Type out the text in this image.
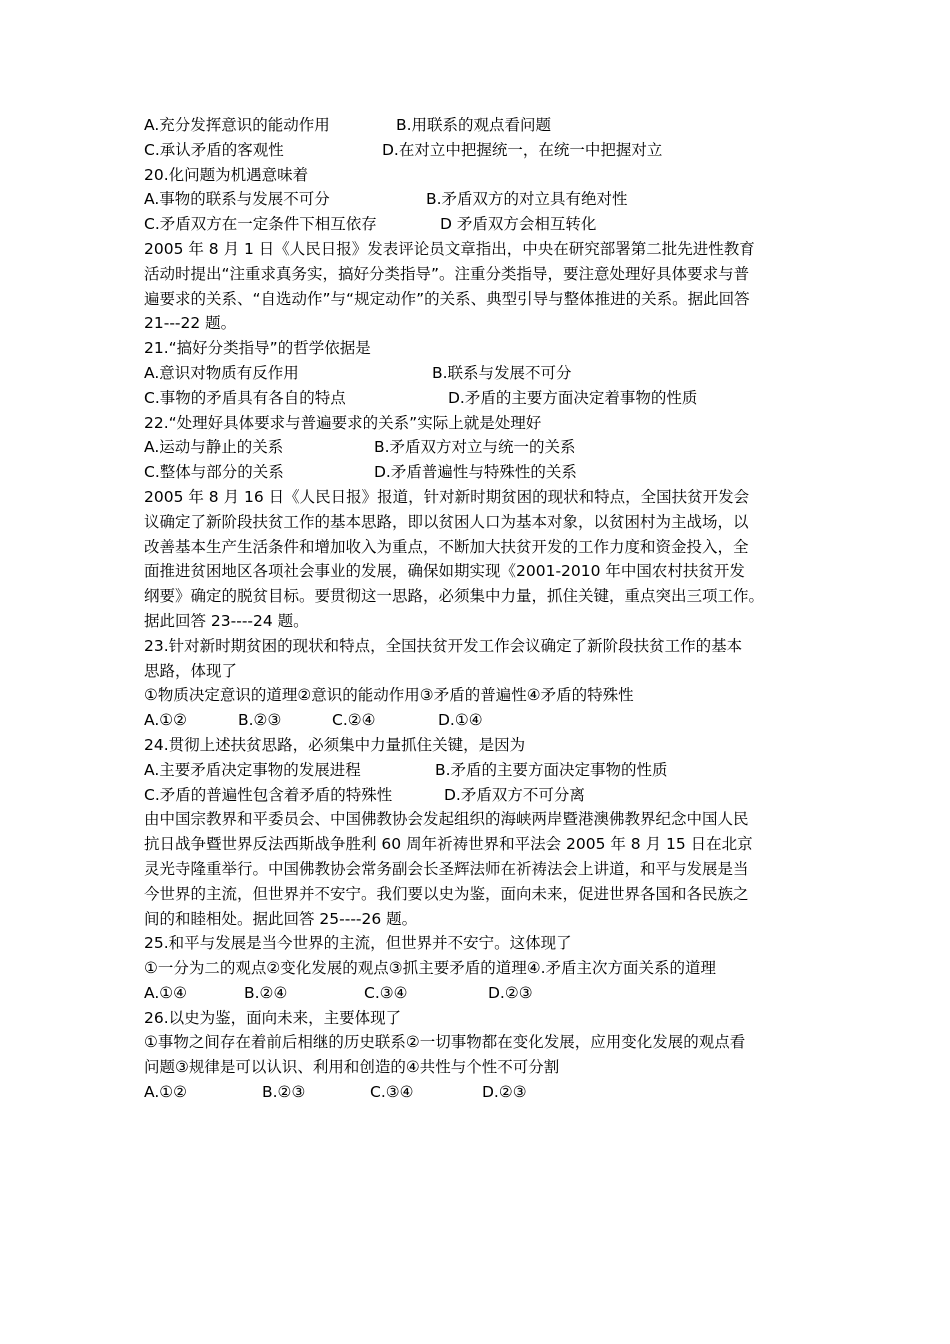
A.充分发挥意识的能动作用	B.用联系的观点看问题
C.承认矛盾的客观性	D.在对立中把握统一，在统一中把握对立
20.化问题为机遇意味着
A.事物的联系与发展不可分	B.矛盾双方的对立具有绝对性
C.矛盾双方在一定条件下相互依存	D 矛盾双方会相互转化
2005 年 8 月 1 日《人民日报》发表评论员文章指出，中央在研究部署第二批先进性教育
活动时提出“注重求真务实，搞好分类指导”。注重分类指导，要注意处理好具体要求与普
遍要求的关系、“自选动作”与“规定动作”的关系、典型引导与整体推进的关系。据此回答
21---22 题。
21.“搞好分类指导”的哲学依据是
A.意识对物质有反作用	B.联系与发展不可分
C.事物的矛盾具有各自的特点	D.矛盾的主要方面决定着事物的性质
22.“处理好具体要求与普遍要求的关系”实际上就是处理好
A.运动与静止的关系	B.矛盾双方对立与统一的关系
C.整体与部分的关系	D.矛盾普遍性与特殊性的关系
2005 年 8 月 16 日《人民日报》报道，针对新时期贫困的现状和特点，全国扶贫开发会
议确定了新阶段扶贫工作的基本思路，即以贫困人口为基本对象，以贫困村为主战场，以
改善基本生产生活条件和增加收入为重点，不断加大扶贫开发的工作力度和资金投入，全
面推进贫困地区各项社会事业的发展，确保如期实现《2001-2010 年中国农村扶贫开发
纲要》确定的脱贫目标。要贯彻这一思路，必须集中力量，抓住关键，重点突出三项工作。
据此回答 23----24 题。
23.针对新时期贫困的现状和特点，全国扶贫开发工作会议确定了新阶段扶贫工作的基本
思路，体现了
①物质决定意识的道理②意识的能动作用③矛盾的普遍性④矛盾的特殊性
A.①②	B.②③	C.②④	D.①④
24.贯彻上述扶贫思路，必须集中力量抓住关键，是因为
A.主要矛盾决定事物的发展进程	B.矛盾的主要方面决定事物的性质
C.矛盾的普遍性包含着矛盾的特殊性	D.矛盾双方不可分离
由中国宗教界和平委员会、中国佛教协会发起组织的海峡两岸暨港澳佛教界纪念中国人民
抗日战争暨世界反法西斯战争胜利 60 周年祈祷世界和平法会 2005 年 8 月 15 日在北京
灵光寺隆重举行。中国佛教协会常务副会长圣辉法师在祈祷法会上讲道，和平与发展是当
今世界的主流，但世界并不安宁。我们要以史为鉴，面向未来，促进世界各国和各民族之
间的和睦相处。据此回答 25----26 题。
25.和平与发展是当今世界的主流，但世界并不安宁。这体现了
①一分为二的观点②变化发展的观点③抓主要矛盾的道理④.矛盾主次方面关系的道理
A.①④	B.②④	C.③④	D.②③
26.以史为鉴，面向未来，主要体现了
①事物之间存在着前后相继的历史联系②一切事物都在变化发展，应用变化发展的观点看
问题③规律是可以认识、利用和创造的④共性与个性不可分割
A.①②	B.②③	C.③④	D.②③
